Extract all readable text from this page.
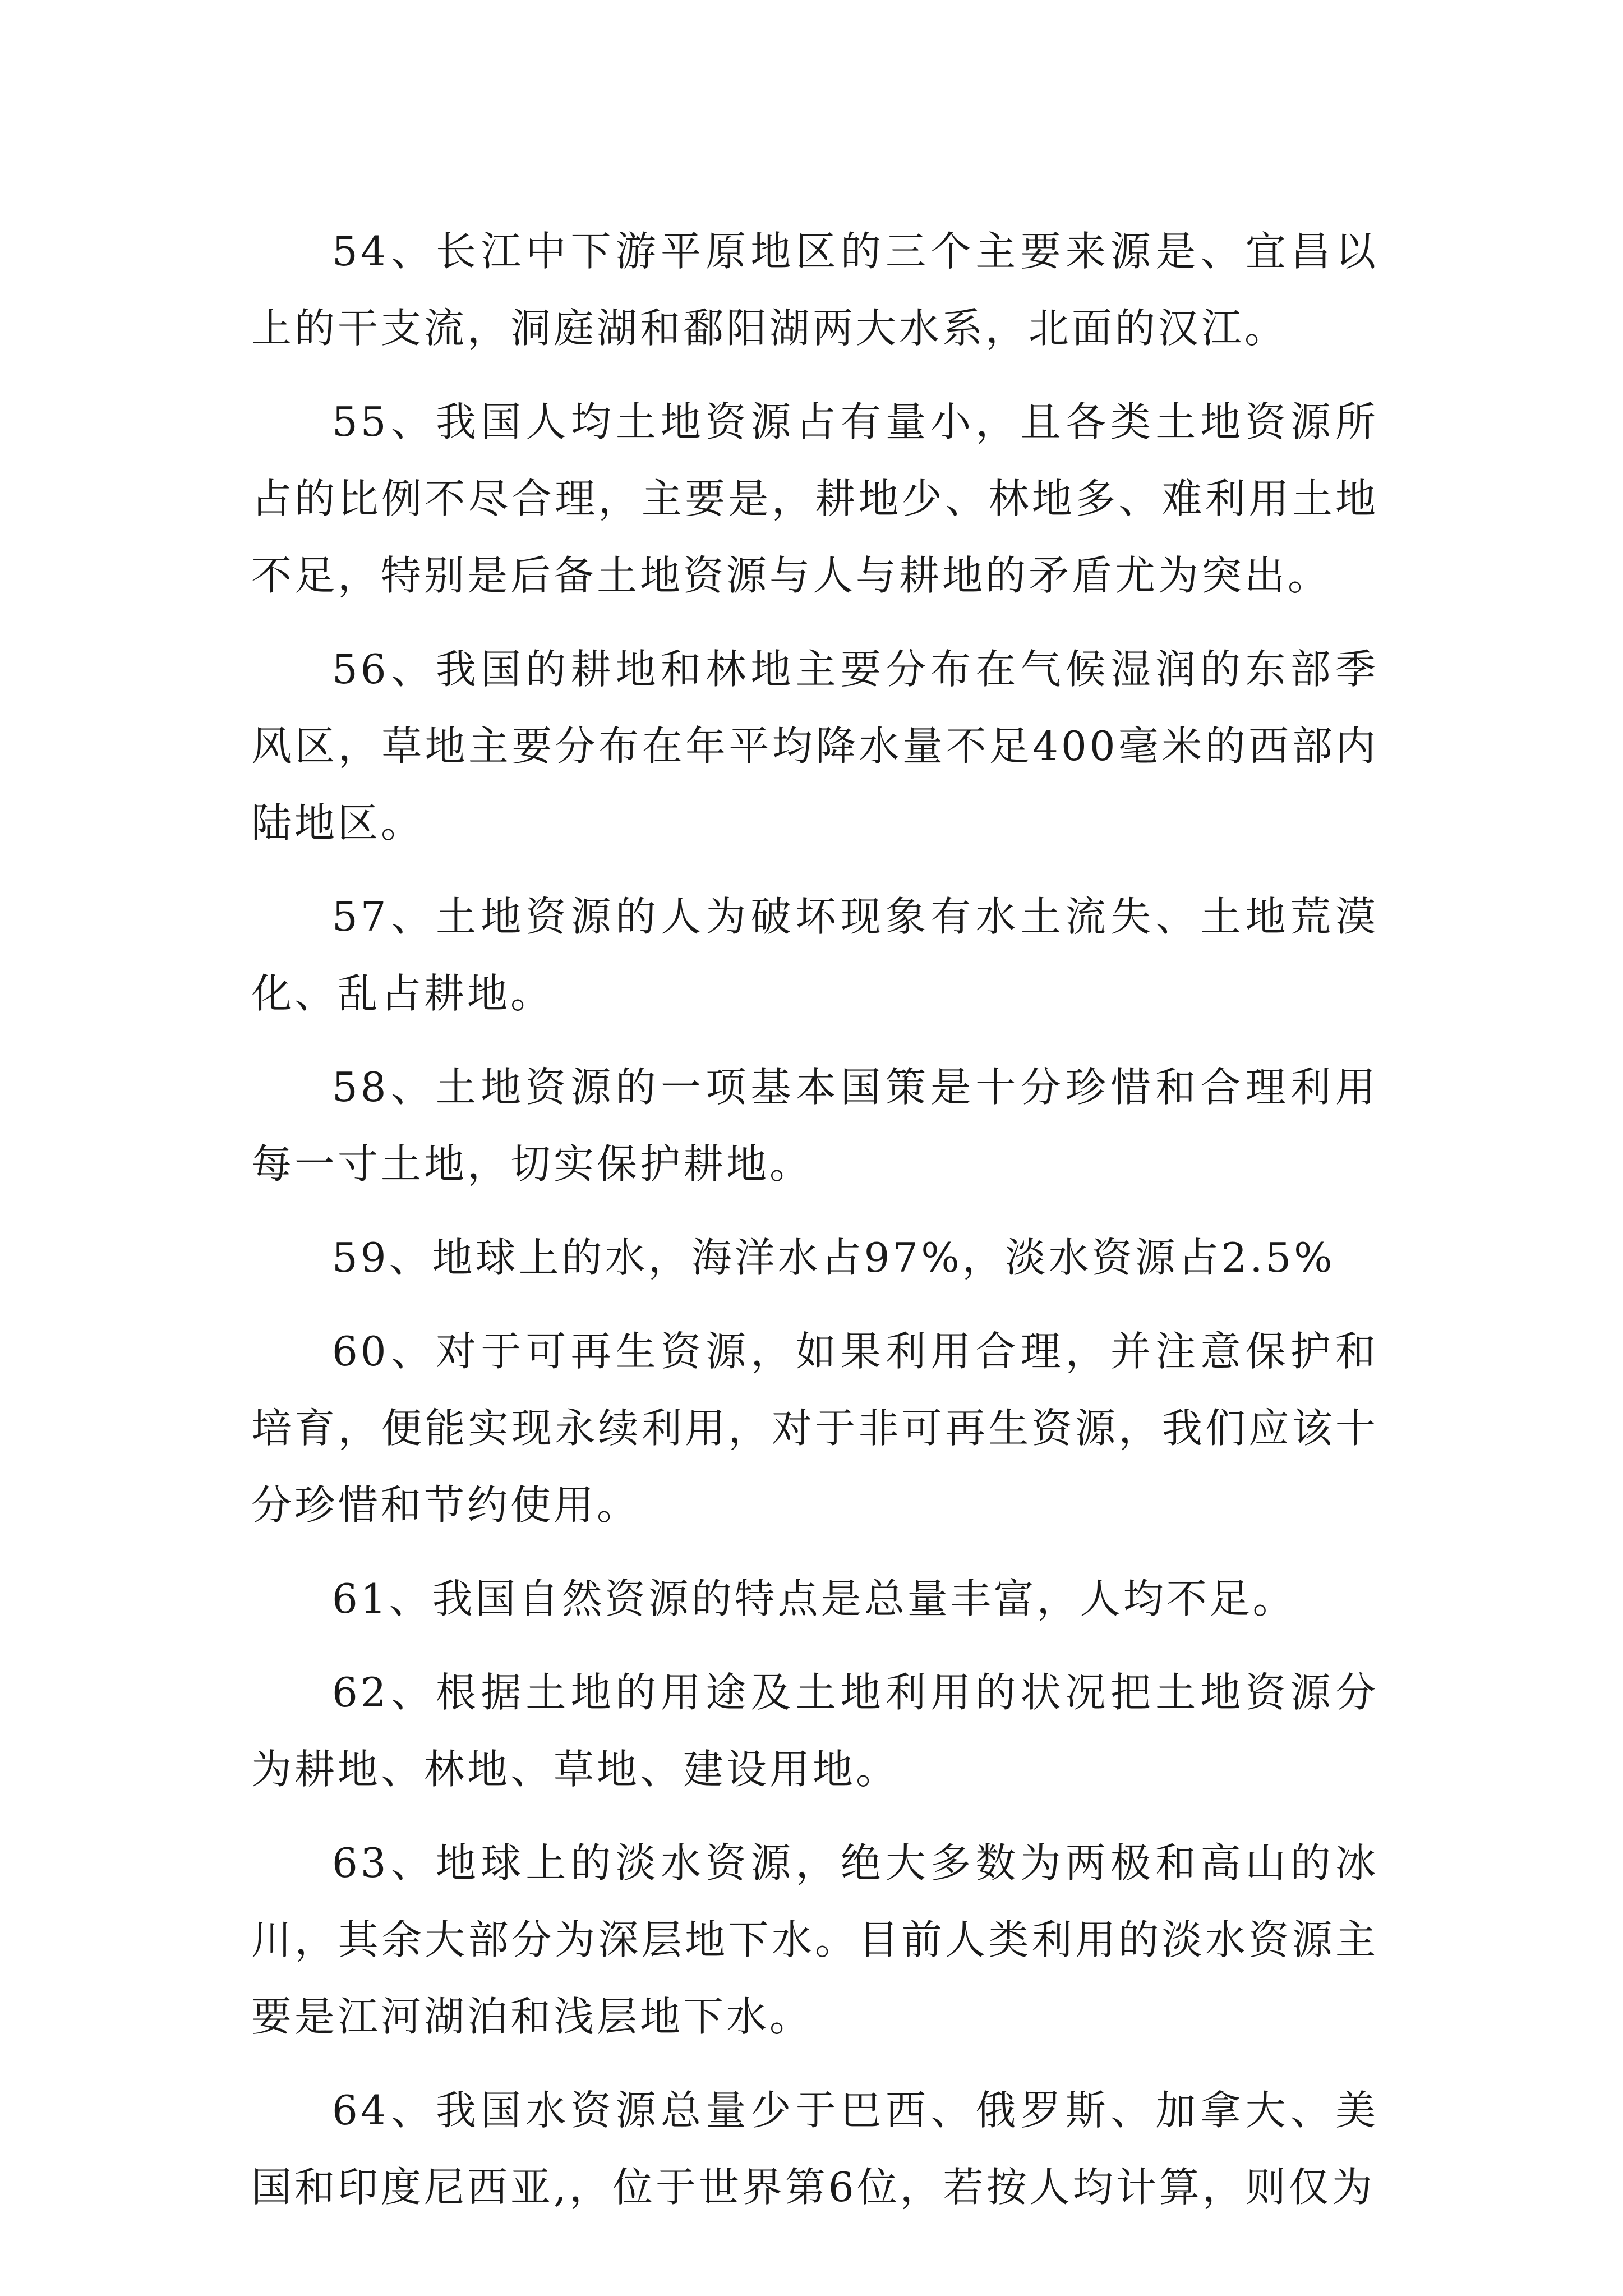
54、长江中下游平原地区的三个主要来源是、宜昌以上的干支流，洞庭湖和鄱阳湖两大水系，北面的汉江。

55、我国人均土地资源占有量小，且各类土地资源所占的比例不尽合理，主要是，耕地少、林地多、难利用土地不足，特别是后备土地资源与人与耕地的矛盾尤为突出。

56、我国的耕地和林地主要分布在气候湿润的东部季风区，草地主要分布在年平均降水量不足400毫米的西部内陆地区。

57、土地资源的人为破坏现象有水土流失、土地荒漠化、乱占耕地。

58、土地资源的一项基本国策是十分珍惜和合理利用每一寸土地，切实保护耕地。

59、地球上的水，海洋水占97%，淡水资源占2.5%

60、对于可再生资源，如果利用合理，并注意保护和培育，便能实现永续利用，对于非可再生资源，我们应该十分珍惜和节约使用。

61、我国自然资源的特点是总量丰富，人均不足。

62、根据土地的用途及土地利用的状况把土地资源分为耕地、林地、草地、建设用地。

63、地球上的淡水资源，绝大多数为两极和高山的冰川，其余大部分为深层地下水。目前人类利用的淡水资源主要是江河湖泊和浅层地下水。

64、我国水资源总量少于巴西、俄罗斯、加拿大、美国和印度尼西亚,，位于世界第6位，若按人均计算，则仅为
